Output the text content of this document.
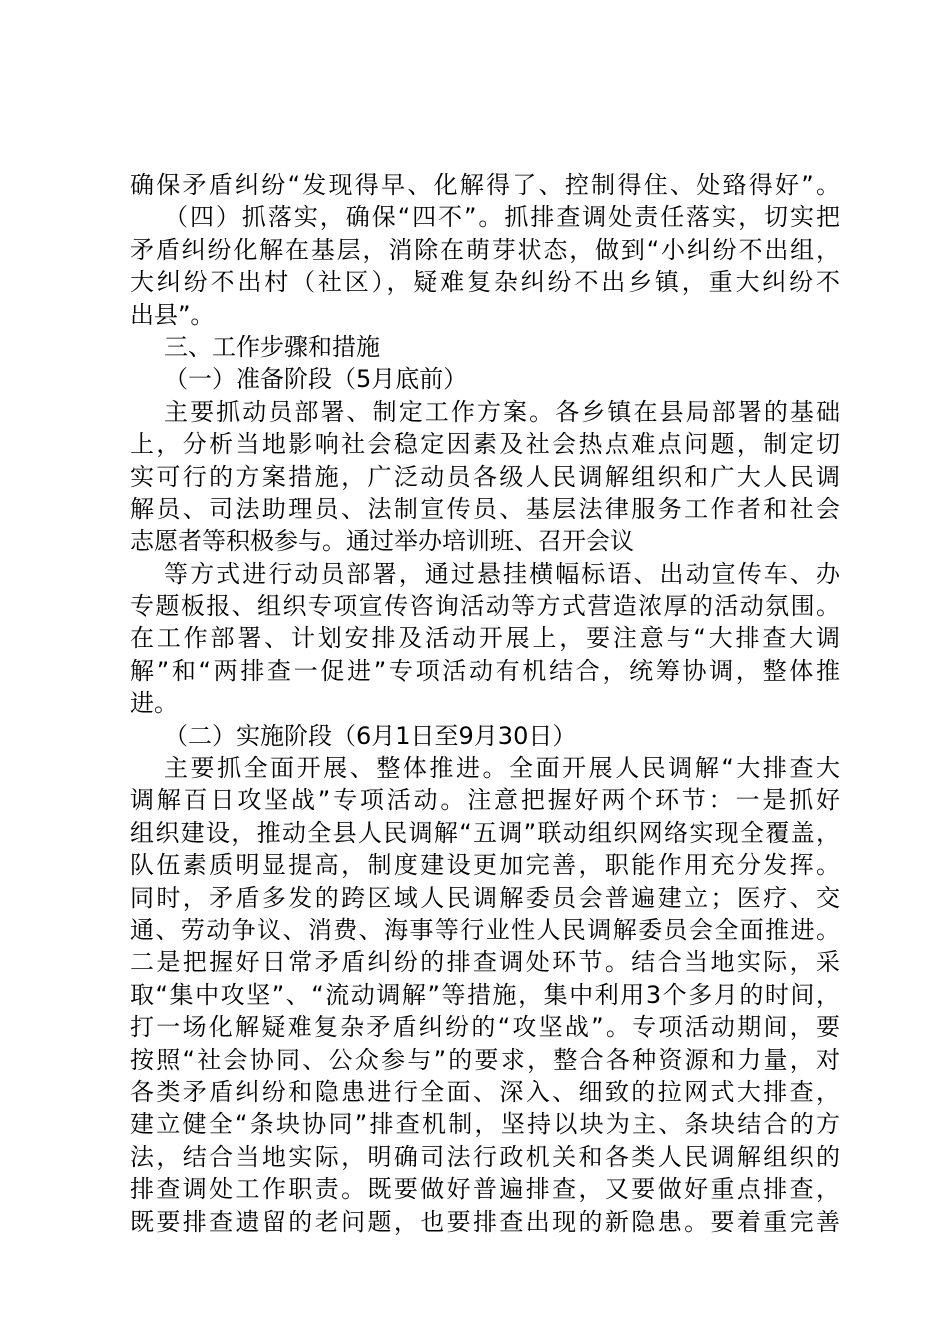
确保矛盾纠纷“发现得早、化解得了、控制得住、处臵得好”。
（四）抓落实，确保“四不”。抓排查调处责任落实，切实把
矛盾纠纷化解在基层，消除在萌芽状态，做到“小纠纷不出组，
大纠纷不出村（社区），疑难复杂纠纷不出乡镇，重大纠纷不
出县”。
三、工作步骤和措施
（一）准备阶段（5月底前）
主要抓动员部署、制定工作方案。各乡镇在县局部署的基础
上，分析当地影响社会稳定因素及社会热点难点问题，制定切
实可行的方案措施，广泛动员各级人民调解组织和广大人民调
解员、司法助理员、法制宣传员、基层法律服务工作者和社会
志愿者等积极参与。通过举办培训班、召开会议
等方式进行动员部署，通过悬挂横幅标语、出动宣传车、办
专题板报、组织专项宣传咨询活动等方式营造浓厚的活动氛围。
在工作部署、计划安排及活动开展上，要注意与“大排查大调
解”和“两排查一促进”专项活动有机结合，统筹协调，整体推
进。
（二）实施阶段（6月1日至9月30日）
主要抓全面开展、整体推进。全面开展人民调解“大排查大
调解百日攻坚战”专项活动。注意把握好两个环节：一是抓好
组织建设，推动全县人民调解“五调”联动组织网络实现全覆盖，
队伍素质明显提高，制度建设更加完善，职能作用充分发挥。
同时，矛盾多发的跨区域人民调解委员会普遍建立；医疗、交
通、劳动争议、消费、海事等行业性人民调解委员会全面推进。
二是把握好日常矛盾纠纷的排查调处环节。结合当地实际，采
取“集中攻坚”、“流动调解”等措施，集中利用3个多月的时间，
打一场化解疑难复杂矛盾纠纷的“攻坚战”。专项活动期间，要
按照“社会协同、公众参与”的要求，整合各种资源和力量，对
各类矛盾纠纷和隐患进行全面、深入、细致的拉网式大排查，
建立健全“条块协同”排查机制，坚持以块为主、条块结合的方
法，结合当地实际，明确司法行政机关和各类人民调解组织的
排查调处工作职责。既要做好普遍排查，又要做好重点排查，
既要排查遗留的老问题，也要排查出现的新隐患。要着重完善
